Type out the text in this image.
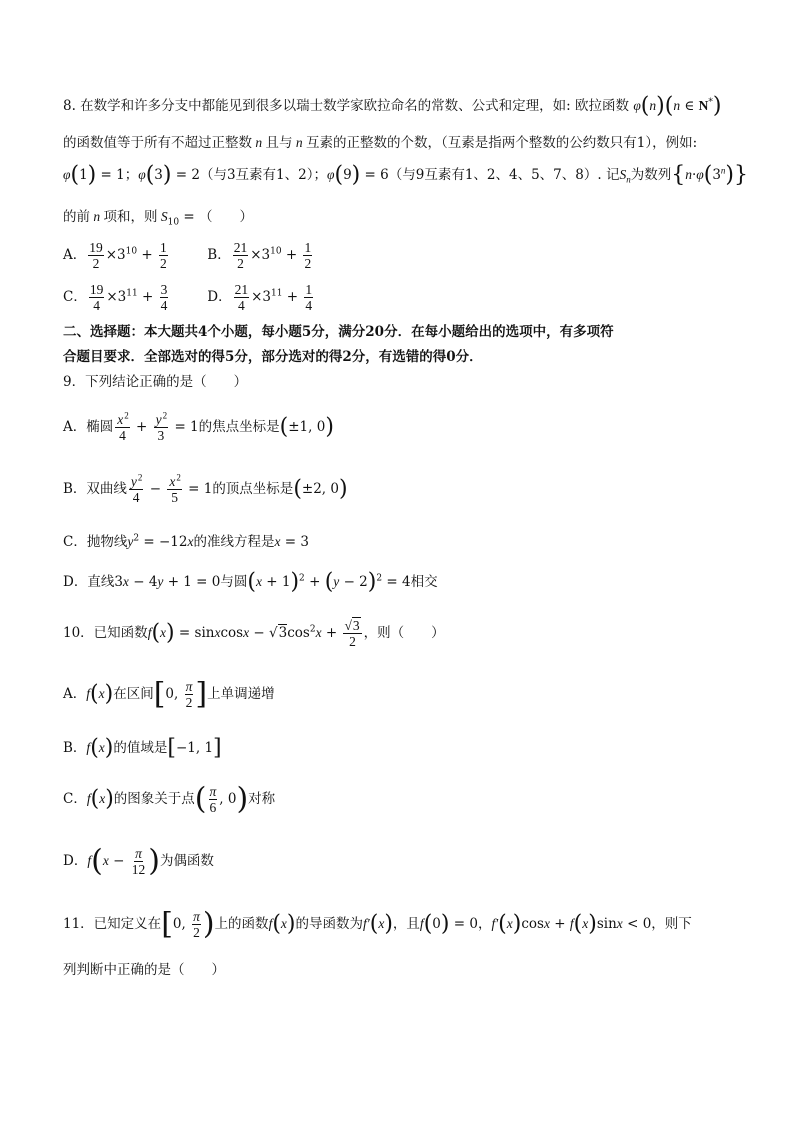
8. 在数学和许多分支中都能见到很多以瑞士数学家欧拉命名的常数、公式和定理，如: 欧拉函数 φ(n)(n ∈ N*)
的函数值等于所有不超过正整数 n 且与 n 互素的正整数的个数，（互素是指两个整数的公约数只有1），例如:
φ(1) = 1；φ(3) = 2（与3互素有1、2）；φ(9) = 6（与9互素有1、2、4、5、7、8）. 记$S_n$为数列$\{n\cdot\varphi(3^n)\}$
的前 n 项和，则 $S_{10}$ = （　　）
A． $\frac{19}{2} \times 3^{10} + \frac{1}{2}$	B． $\frac{21}{2} \times 3^{10} + \frac{1}{2}$
C． $\frac{19}{4} \times 3^{11} + \frac{3}{4}$	D． $\frac{21}{4} \times 3^{11} + \frac{1}{4}$
二、选择题：本大题共4个小题，每小题5分，满分20分．在每小题给出的选项中，有多项符
合题目要求．全部选对的得5分，部分选对的得2分，有选错的得0分．
9．下列结论正确的是（　　）
A．椭圆 $\frac{x^2}{4} + \frac{y^2}{3} = 1$的焦点坐标是(±1, 0)
B．双曲线 $\frac{y^2}{4} - \frac{x^2}{5} = 1$的顶点坐标是(±2, 0)
C．抛物线$y^2 = -12x$的准线方程是x = 3
D．直线3x − 4y + 1 = 0与圆$(x + 1)^2 + (y - 2)^2 = 4$相交
10．已知函数f(x) = sinxcosx − $√3\cos^2x + \frac{√3}{2}$ ，则（　　）
A．f(x)在区间[0, $\frac{\pi}{2}$ ]上单调递增
B．f(x)的值域是[−1, 1]
C．f(x)的图象关于点( $\frac{\pi}{6}$ , 0)对称
D．$f(x - \frac{\pi}{12}$ )为偶函数
11．已知定义在[0, $\frac{\pi}{2}$ )上的函数f(x)的导函数为f′(x)，且f(0) = 0，f′(x)cosx + f(x)sinx < 0，则下
列判断中正确的是（　　）
